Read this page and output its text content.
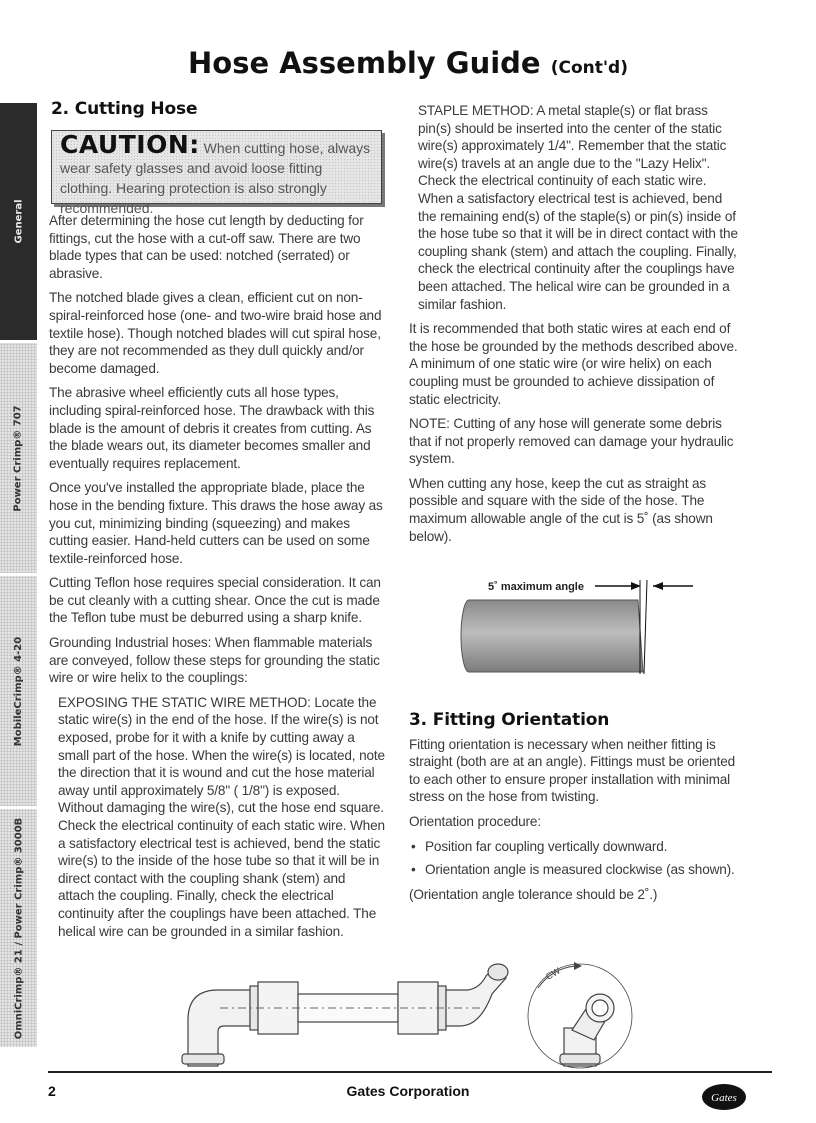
Hose Assembly Guide (Cont'd)
General
Power Crimp® 707
MobileCrimp® 4-20
OmniCrimp® 21 / Power Crimp® 3000B
2. Cutting Hose
CAUTION: When cutting hose, always wear safety glasses and avoid loose fitting clothing. Hearing protection is also strongly recommended.

After determining the hose cut length by deducting for fittings, cut the hose with a cut-off saw. There are two blade types that can be used: notched (serrated) or abrasive.

The notched blade gives a clean, efficient cut on non-spiral-reinforced hose (one- and two-wire braid hose and textile hose). Though notched blades will cut spiral hose, they are not recommended as they dull quickly and/or become damaged.

The abrasive wheel efficiently cuts all hose types, including spiral-reinforced hose. The drawback with this blade is the amount of debris it creates from cutting. As the blade wears out, its diameter becomes smaller and eventually requires replacement.

Once you've installed the appropriate blade, place the hose in the bending fixture. This draws the hose away as you cut, minimizing binding (squeezing) and makes cutting easier. Hand-held cutters can be used on some textile-reinforced hose.

Cutting Teflon hose requires special consideration. It can be cut cleanly with a cutting shear. Once the cut is made the Teflon tube must be deburred using a sharp knife.

Grounding Industrial hoses: When flammable materials are conveyed, follow these steps for grounding the static wire or wire helix to the couplings:

EXPOSING THE STATIC WIRE METHOD: Locate the static wire(s) in the end of the hose. If the wire(s) is not exposed, probe for it with a knife by cutting away a small part of the hose. When the wire(s) is located, note the direction that it is wound and cut the hose material away until approximately 5/8" ( 1/8") is exposed. Without damaging the wire(s), cut the hose end square. Check the electrical continuity of each static wire. When a satisfactory electrical test is achieved, bend the static wire(s) to the inside of the hose tube so that it will be in direct contact with the coupling shank (stem) and attach the coupling. Finally, check the electrical continuity after the couplings have been attached. The helical wire can be grounded in a similar fashion.

STAPLE METHOD: A metal staple(s) or flat brass pin(s) should be inserted into the center of the static wire(s) approximately 1/4". Remember that the static wire(s) travels at an angle due to the "Lazy Helix". Check the electrical continuity of each static wire. When a satisfactory electrical test is achieved, bend the remaining end(s) of the staple(s) or pin(s) inside of the hose tube so that it will be in direct contact with the coupling shank (stem) and attach the coupling. Finally, check the electrical continuity after the couplings have been attached. The helical wire can be grounded in a similar fashion.

It is recommended that both static wires at each end of the hose be grounded by the methods described above. A minimum of one static wire (or wire helix) on each coupling must be grounded to achieve dissipation of static electricity.

NOTE: Cutting of any hose will generate some debris that if not properly removed can damage your hydraulic system.

When cutting any hose, keep the cut as straight as possible and square with the side of the hose. The maximum allowable angle of the cut is 5˚ (as shown below).

5˚ maximum angle
3. Fitting Orientation

Fitting orientation is necessary when neither fitting is straight (both are at an angle). Fittings must be oriented to each other to ensure proper installation with minimal stress on the hose from twisting.

Orientation procedure:

• Position far coupling vertically downward.
• Orientation angle is measured clockwise (as shown).

(Orientation angle tolerance should be 2˚.)

CW
2	Gates Corporation	Gates
